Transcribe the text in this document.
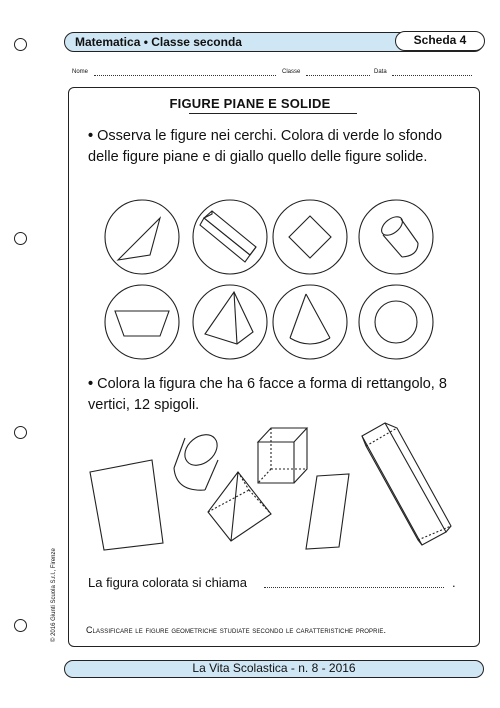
Matematica • Classe seconda	Scheda 4
Nome	Classe	Data
FIGURE PIANE E SOLIDE
• Osserva le figure nei cerchi. Colora di verde lo sfondo delle figure piane e di giallo quello delle figure solide.
• Colora la figura che ha 6 facce a forma di rettangolo, 8 vertici, 12 spigoli.
La figura colorata si chiama	.
Classificare le figure geometriche studiate secondo le caratteristiche proprie.
© 2016 Giunti Scuola S.r.l., Firenze
La Vita Scolastica - n. 8 - 2016
